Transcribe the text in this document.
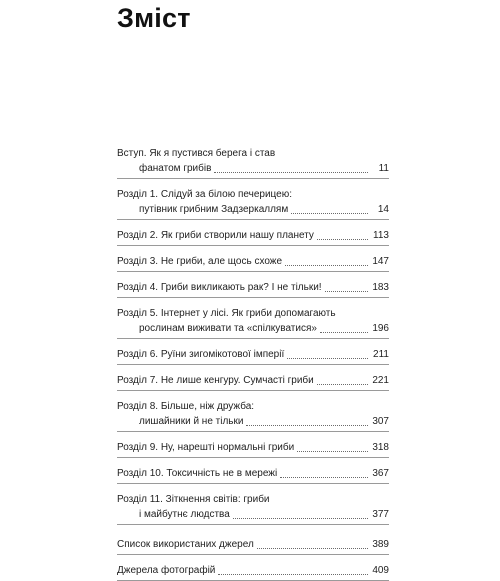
Зміст
Вступ. Як я пустився берега і став
фанатом грибів	11
Розділ 1. Слідуй за білою печерицею:
путівник грибним Задзеркаллям	14
Розділ 2. Як гриби створили нашу планету	113
Розділ 3. Не гриби, але щось схоже	147
Розділ 4. Гриби викликають рак? І не тільки!	183
Розділ 5. Інтернет у лісі. Як гриби допомагають
рослинам виживати та «спілкуватися»	196
Розділ 6. Руїни зигомікотової імперії	211
Розділ 7. Не лише кенгуру. Сумчасті гриби	221
Розділ 8. Більше, ніж дружба:
лишайники й не тільки	307
Розділ 9. Ну, нарешті нормальні гриби	318
Розділ 10. Токсичність не в мережі	367
Розділ 11. Зіткнення світів: гриби
і майбутнє людства	377
Список використаних джерел	389
Джерела фотографій	409
